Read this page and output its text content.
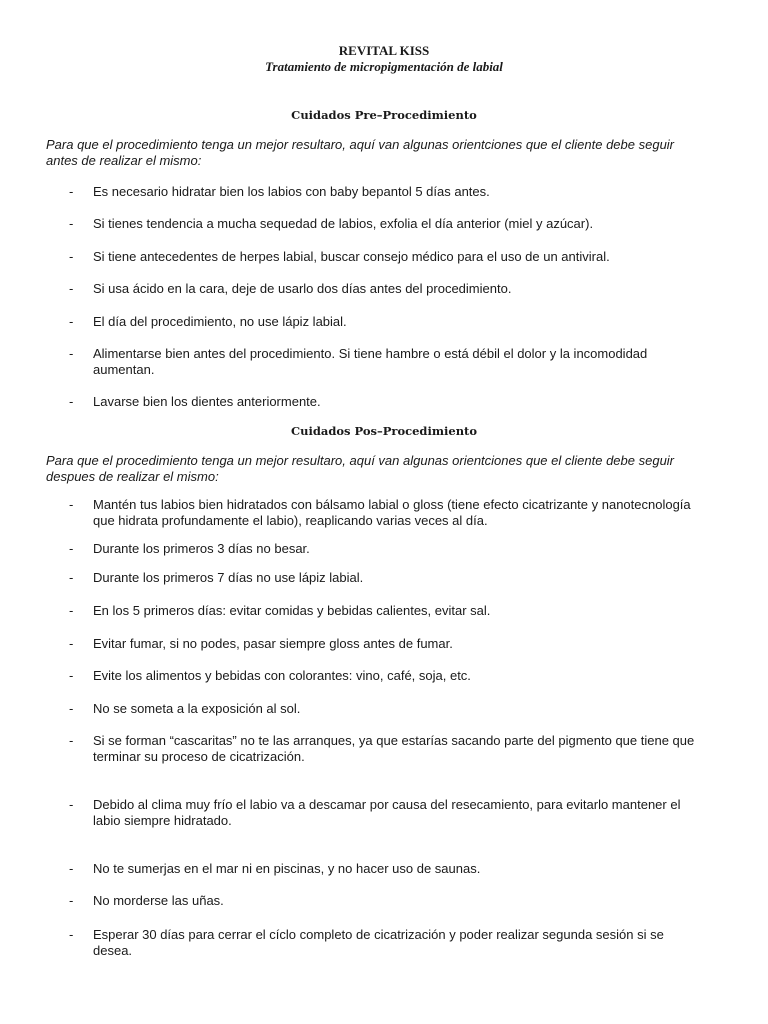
REVITAL KISS
Tratamiento de micropigmentación de labial
Cuidados Pre–Procedimiento
Para que el procedimiento tenga un mejor resultaro, aquí van algunas orientciones que el cliente debe seguir
antes de realizar el mismo:
- Es necesario hidratar bien los labios con baby bepantol 5 días antes.
- Si tienes tendencia a mucha sequedad de labios, exfolia el día anterior (miel y azúcar).
- Si tiene antecedentes de herpes labial, buscar consejo médico para el uso de un antiviral.
- Si usa ácido en la cara, deje de usarlo dos días antes del procedimiento.
- El día del procedimiento, no use lápiz labial.
- Alimentarse bien antes del procedimiento. Si tiene hambre o está débil el dolor y la incomodidad
aumentan.
- Lavarse bien los dientes anteriormente.
Cuidados Pos–Procedimiento
Para que el procedimiento tenga un mejor resultaro, aquí van algunas orientciones que el cliente debe seguir
despues de realizar el mismo:
- Mantén tus labios bien hidratados con bálsamo labial o gloss (tiene efecto cicatrizante y nanotecnología
que hidrata profundamente el labio), reaplicando varias veces al día.
- Durante los primeros 3 días no besar.
- Durante los primeros 7 días no use lápiz labial.
- En los 5 primeros días: evitar comidas y bebidas calientes, evitar sal.
- Evitar fumar, si no podes, pasar siempre gloss antes de fumar.
- Evite los alimentos y bebidas con colorantes: vino, café, soja, etc.
- No se someta a la exposición al sol.
- Si se forman “cascaritas” no te las arranques, ya que estarías sacando parte del pigmento que tiene que
terminar su proceso de cicatrización.
- Debido al clima muy frío el labio va a descamar por causa del resecamiento, para evitarlo mantener el
labio siempre hidratado.
- No te sumerjas en el mar ni en piscinas, y no hacer uso de saunas.
- No morderse las uñas.
- Esperar 30 días para cerrar el cíclo completo de cicatrización y poder realizar segunda sesión si se
desea.
